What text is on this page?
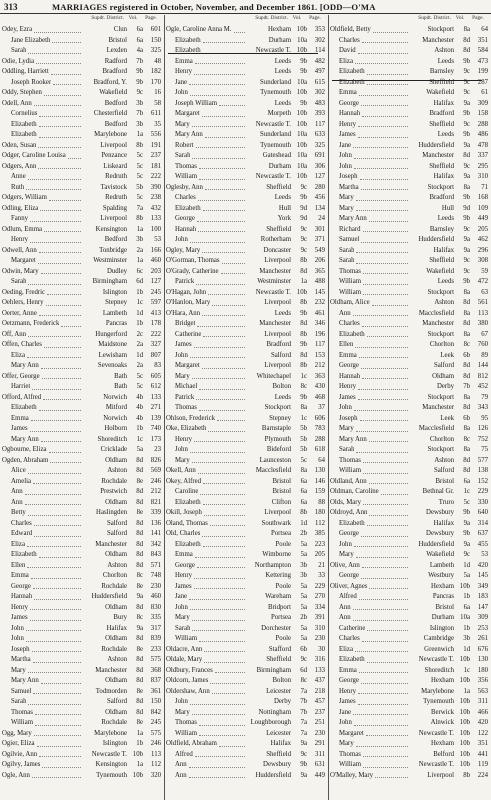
313	MARRIAGES registered in October, November, and December 1861. [ODD—O'MA
Supdt. District. Vol.	Page.
Odey, Ezra	Clun	6a	601
Jane Elizabeth	Bristol	6a	150
Sarah	Lexden	4a	325
Odie, Lydia	Radford	7b	48
Oddling, Harriett	Bradford	9b	182
Joseph Rooker	Bradford, Y.	9b	170
Oddy, Stephen	Wakefield	9c	16
Odell, Ann	Bedford	3b	58
Cornelius	Chesterfield	7b	611
Elizabeth	Bedford	3b	35
Elizabeth	Marylebone	1a	556
Oden, Susan	Liverpool	8b	191
Odger, Caroline Louisa	Penzance	5c	237
Odgers, Ann	Liskeard	5c	181
Anne	Redruth	5c	222
Ruth	Tavistock	5b	390
Odgers, William	Redruth	5c	238
Odling, Eliza	Spalding	7a	432
Fanny	Liverpool	8b	133
Odlum, Emma	Kensington	1a	100
Henry	Bedford	3b	53
Odwell, Ann	Tonbridge	2a	166
Margaret	Westminster	1a	460
Odwin, Mary	Dudley	6c	203
Sarah	Birmingham	6d	127
Oeding, Fredric	Islington	1b	245
Oehlers, Henry	Stepney	1c	597
Oerter, Anne	Lambeth	1d	413
Oetzmann, Frederick	Pancras	1b	178
Off, Ann	Hungerford	2c	222
Offen, Charles	Maidstone	2a	327
Eliza	Lewisham	1d	807
Mary Ann	Sevenoaks	2a	83
Offer, George	Bath	5c	605
Harriet	Bath	5c	612
Offord, Alfred	Norwich	4b	133
Elizabeth	Mitford	4b	271
Emma	Norwich	4b	139
James	Holborn	1b	740
Mary Ann	Shoreditch	1c	173
Ogbourne, Eliza	Cricklade	5a	23
Ogden, Abraham	Oldham	8d	826
Alice	Ashton	8d	569
Amelia	Rochdale	8e	246
Ann	Prestwich	8d	212
Ann	Oldham	8d	821
Betty	Haslingden	8e	339
Charles	Salford	8d	136
Edward	Salford	8d	141
Eliza	Manchester	8d	342
Elizabeth	Oldham	8d	843
Ellen	Ashton	8d	571
Emma	Chorlton	8c	748
George	Rochdale	8e	230
Hannah	Huddersfield	9a	460
Henry	Oldham	8d	830
James	Bury	8c	335
John	Halifax	9a	317
John	Oldham	8d	839
Joseph	Rochdale	8e	233
Martha	Ashton	8d	575
Mary	Manchester	8d	368
Mary Ann	Oldham	8d	837
Samuel	Todmorden	8e	361
Sarah	Salford	8d	150
Thomas	Oldham	8d	842
William	Rochdale	8e	245
Ogg, Mary	Marylebone	1a	575
Ogier, Eliza	Islington	1b	246
Ogilvie, Ann	Newcastle T. 10b	113
Ogilvy, James	Kensington	1a	112
Ogle, Ann	Tynemouth 10b	320
Supdt. District. Vol.	Page.
Ogle, Caroline Anna M.	Hexham 10b	353
Elizabeth	Durham 10a	302
Elizabeth	Newcastle T. 10b	114
Emma	Leeds	9b	482
Henry	Leeds	9b	497
Jane	Sunderland 10a	615
John	Tynemouth 10b	302
Joseph William	Leeds	9b	483
Margaret	Morpeth 10b	393
Mary	Newcastle T. 10b	117
Mary Ann	Sunderland 10a	633
Robert	Tynemouth 10b	325
Sarah	Gateshead 10a	691
Thomas	Durham 10a	306
William	Newcastle T. 10b	127
Oglesby, Ann	Sheffield	9c	280
Charles	Leeds	9b	456
Elizabeth	Hull	9d	134
George	York	9d	24
Hannah	Sheffield	9c	301
John	Rotherham	9c	371
Ogley, Mary	Doncaster	9c	549
O'Gorman, Thomas	Liverpool	8b	206
O'Grady, Catherine	Manchester	8d	365
Patrick	Westminster	1a	488
O'Hagan, John	Newcastle T. 10b	145
O'Hanlon, Mary	Liverpool	8b	232
O'Hara, Ann	Leeds	9b	461
Bridget	Manchester	8d	346
Catherine	Liverpool	8b	196
James	Bradford	9b	117
John	Salford	8d	153
Margaret	Liverpool	8b	212
Mary	Whitechapel	1c	363
Michael	Bolton	8c	430
Patrick	Leeds	9b	468
Thomas	Stockport	8a	37
Ohlson, Frederick	Stepney	1c	606
Oke, Elizabeth	Barnstaple	5b	783
Henry	Plymouth	5b	288
John	Bideford	5b	618
Mary	Launceston	5c	64
Okell, Ann	Macclesfield	8a	130
Okey, Alfred	Bristol	6a	146
Caroline	Bristol	6a	159
Elizabeth	Clifton	6a	88
Okill, Joseph	Liverpool	8b	180
Oland, Thomas	Southwark	1d	112
Old, Charles	Portsea	2b	385
Elizabeth	Poole	5a	223
Emma	Wimborne	5a	205
George	Northampton	3b	21
Henry	Kettering	3b	33
James	Poole	5a	229
Jane	Wareham	5a	270
John	Bridport	5a	334
Mary	Portsea	2b	391
Sarah	Dorchester	5a	310
William	Poole	5a	230
Oldacre, Ann	Stafford	6b	30
Oldale, Mary	Sheffield	9c	316
Oldbury, Frances	Birmingham	6d	133
Oldcorn, James	Bolton	8c	437
Oldershaw, Ann	Leicester	7a	218
John	Derby	7b	457
Mary	Nottingham	7b	237
Thomas	Loughborough	7a	251
William	Leicester	7a	230
Oldfield, Abraham	Halifax	9a	291
Alfred	Sheffield	9c	311
Ann	Dewsbury	9b	631
Ann	Huddersfield	9a	449
Supdt. District. Vol.	Page.
Oldfield, Betty	Stockport	8a	64
Charles	Manchester	8d	351
David	Ashton	8d	584
Eliza	Leeds	9b	473
Elizabeth	Barnsley	9c	199
Elizabeth	Sheffield	9c	287
Emma	Wakefield	9c	61
George	Halifax	9a	309
Hannah	Bradford	9b	158
Henry	Sheffield	9c	288
James	Leeds	9b	486
Jane	Huddersfield	9a	478
John	Manchester	8d	337
John	Sheffield	9c	295
Joseph	Halifax	9a	310
Martha	Stockport	8a	71
Mary	Bradford	9b	168
Mary	Hull	9d	109
Mary Ann	Leeds	9b	449
Richard	Barnsley	9c	205
Samuel	Huddersfield	9a	462
Sarah	Halifax	9a	296
Sarah	Sheffield	9c	308
Thomas	Wakefield	9c	59
William	Leeds	9b	472
William	Stockport	8a	63
Oldham, Alice	Ashton	8d	561
Ann	Macclesfield	8a	113
Charles	Manchester	8d	380
Elizabeth	Stockport	8a	67
Ellen	Chorlton	8c	760
Emma	Leek	6b	89
George	Salford	8d	144
Hannah	Oldham	8d	812
Henry	Derby	7b	452
James	Stockport	8a	79
John	Manchester	8d	343
Joseph	Leek	6b	95
Mary	Macclesfield	8a	126
Mary Ann	Chorlton	8c	752
Sarah	Stockport	8a	75
Thomas	Ashton	8d	577
William	Salford	8d	138
Oldland, Ann	Bristol	6a	152
Oldman, Caroline	Bethnal Gr.	1c	229
Olds, Mary	Truro	5c	330
Oldroyd, Ann	Dewsbury	9b	640
Elizabeth	Halifax	9a	314
George	Dewsbury	9b	637
John	Huddersfield	9a	455
Mary	Wakefield	9c	53
Olive, Ann	Lambeth	1d	420
George	Westbury	5a	145
Oliver, Agnes	Hexham 10b	349
Alfred	Pancras	1b	183
Ann	Bristol	6a	147
Ann	Durham 10a	309
Catherine	Islington	1b	253
Charles	Cambridge	3b	261
Eliza	Greenwich	1d	676
Elizabeth	Newcastle T. 10b	130
Emma	Shoreditch	1c	180
George	Hexham 10b	356
Henry	Marylebone	1a	563
James	Tynemouth 10b	311
Jane	Berwick 10b	466
John	Alnwick 10b	420
Margaret	Newcastle T. 10b	122
Mary	Hexham 10b	351
Thomas	Belford 10b	441
William	Newcastle T. 10b	119
O'Malley, Mary	Liverpool	8b	224
